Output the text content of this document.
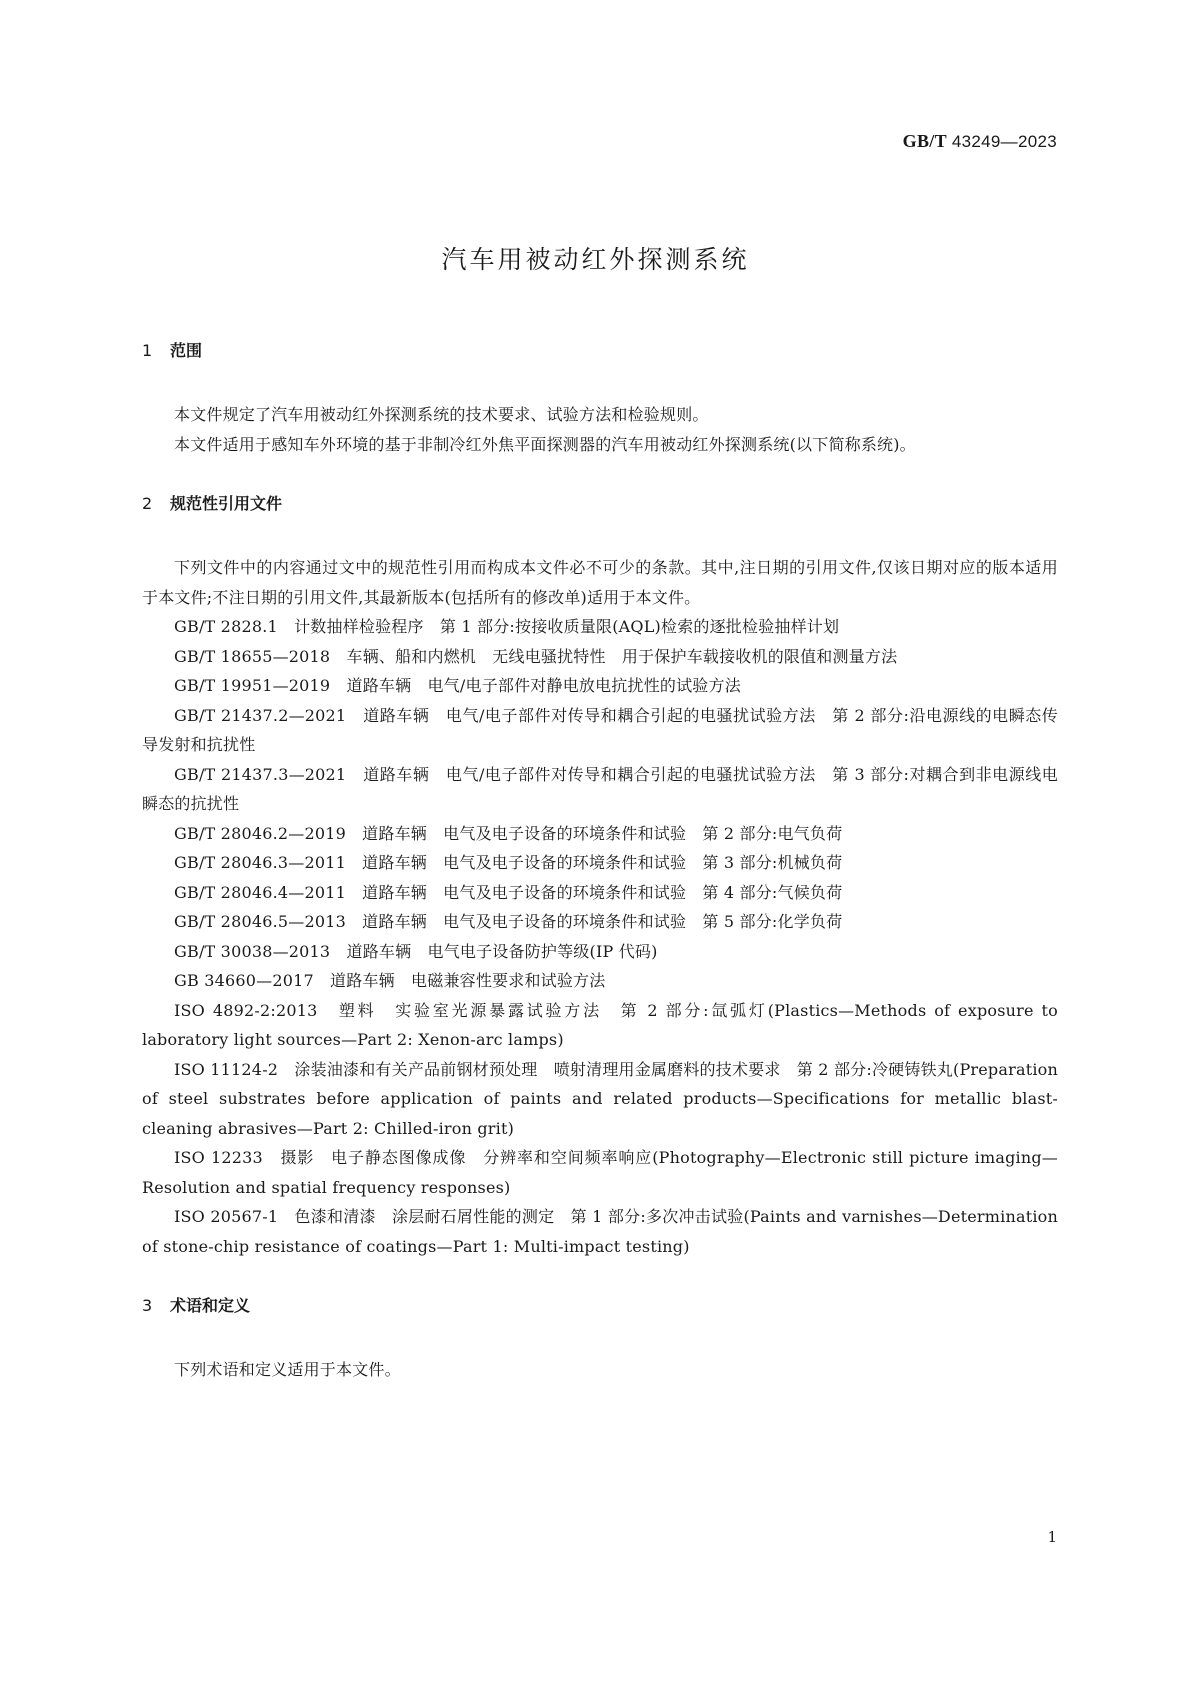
GB/T 43249—2023
汽车用被动红外探测系统
1 范围

本文件规定了汽车用被动红外探测系统的技术要求、试验方法和检验规则。

本文件适用于感知车外环境的基于非制冷红外焦平面探测器的汽车用被动红外探测系统(以下简称系统)。

2 规范性引用文件

下列文件中的内容通过文中的规范性引用而构成本文件必不可少的条款。其中,注日期的引用文件,仅该日期对应的版本适用于本文件;不注日期的引用文件,其最新版本(包括所有的修改单)适用于本文件。

GB/T 2828.1　计数抽样检验程序　第 1 部分:按接收质量限(AQL)检索的逐批检验抽样计划

GB/T 18655—2018　车辆、船和内燃机　无线电骚扰特性　用于保护车载接收机的限值和测量方法

GB/T 19951—2019　道路车辆　电气/电子部件对静电放电抗扰性的试验方法

GB/T 21437.2—2021　道路车辆　电气/电子部件对传导和耦合引起的电骚扰试验方法　第 2 部分:沿电源线的电瞬态传导发射和抗扰性

GB/T 21437.3—2021　道路车辆　电气/电子部件对传导和耦合引起的电骚扰试验方法　第 3 部分:对耦合到非电源线电瞬态的抗扰性

GB/T 28046.2—2019　道路车辆　电气及电子设备的环境条件和试验　第 2 部分:电气负荷

GB/T 28046.3—2011　道路车辆　电气及电子设备的环境条件和试验　第 3 部分:机械负荷

GB/T 28046.4—2011　道路车辆　电气及电子设备的环境条件和试验　第 4 部分:气候负荷

GB/T 28046.5—2013　道路车辆　电气及电子设备的环境条件和试验　第 5 部分:化学负荷

GB/T 30038—2013　道路车辆　电气电子设备防护等级(IP 代码)

GB 34660—2017　道路车辆　电磁兼容性要求和试验方法

ISO 4892-2:2013　塑料　实验室光源暴露试验方法　第 2 部分:氙弧灯(Plastics—Methods of exposure to laboratory light sources—Part 2: Xenon-arc lamps)

ISO 11124-2　涂装油漆和有关产品前钢材预处理　喷射清理用金属磨料的技术要求　第 2 部分:冷硬铸铁丸(Preparation of steel substrates before application of paints and related products—Specifications for metallic blast-cleaning abrasives—Part 2: Chilled-iron grit)

ISO 12233　摄影　电子静态图像成像　分辨率和空间频率响应(Photography—Electronic still picture imaging—Resolution and spatial frequency responses)

ISO 20567-1　色漆和清漆　涂层耐石屑性能的测定　第 1 部分:多次冲击试验(Paints and varnishes—Determination of stone-chip resistance of coatings—Part 1: Multi-impact testing)

3 术语和定义

下列术语和定义适用于本文件。

1
